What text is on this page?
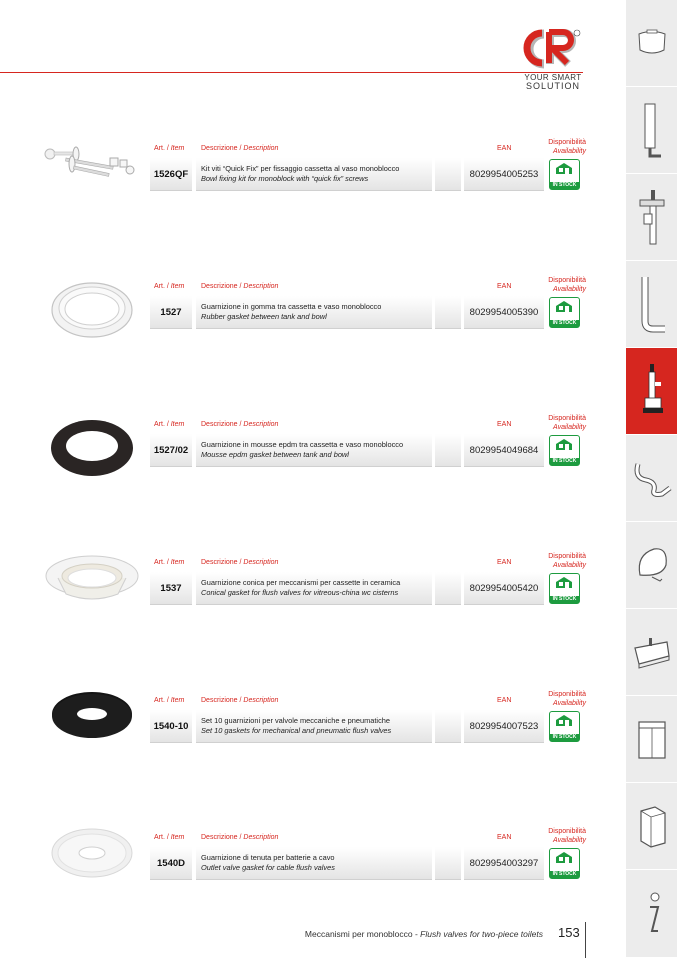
YOUR SMART
SOLUTION
Art. / Item Descrizione / Description	EAN
Disponibilità
Availability
1526QF	Kit viti “Quick Fix” per fissaggio cassetta al vaso monoblocco
Bowl fixing kit for monoblock with “quick fix” screws	8029954005253
IN STOCK
Art. / Item Descrizione / Description	EAN
Disponibilità
Availability
1527	Guarnizione in gomma tra cassetta e vaso monoblocco
Rubber gasket between tank and bowl	8029954005390
IN STOCK
Art. / Item Descrizione / Description	EAN
Disponibilità
Availability
1527/02	Guarnizione in mousse epdm tra cassetta e vaso monoblocco
Mousse epdm gasket between tank and bowl	8029954049684
IN STOCK
Art. / Item Descrizione / Description	EAN
Disponibilità
Availability
1537	Guarnizione conica per meccanismi per cassette in ceramica
Conical gasket for flush valves for vitreous-china wc cisterns	8029954005420
IN STOCK
Art. / Item Descrizione / Description	EAN
Disponibilità
Availability
1540-10	Set 10 guarnizioni per valvole meccaniche e pneumatiche
Set 10 gaskets for mechanical and pneumatic flush valves	8029954007523
IN STOCK
Art. / Item Descrizione / Description	EAN
Disponibilità
Availability
1540D	Guarnizione di tenuta per batterie a cavo
Outlet valve gasket for cable flush valves	8029954003297
IN STOCK
Meccanismi per monoblocco - Flush valves for two-piece toilets 153
